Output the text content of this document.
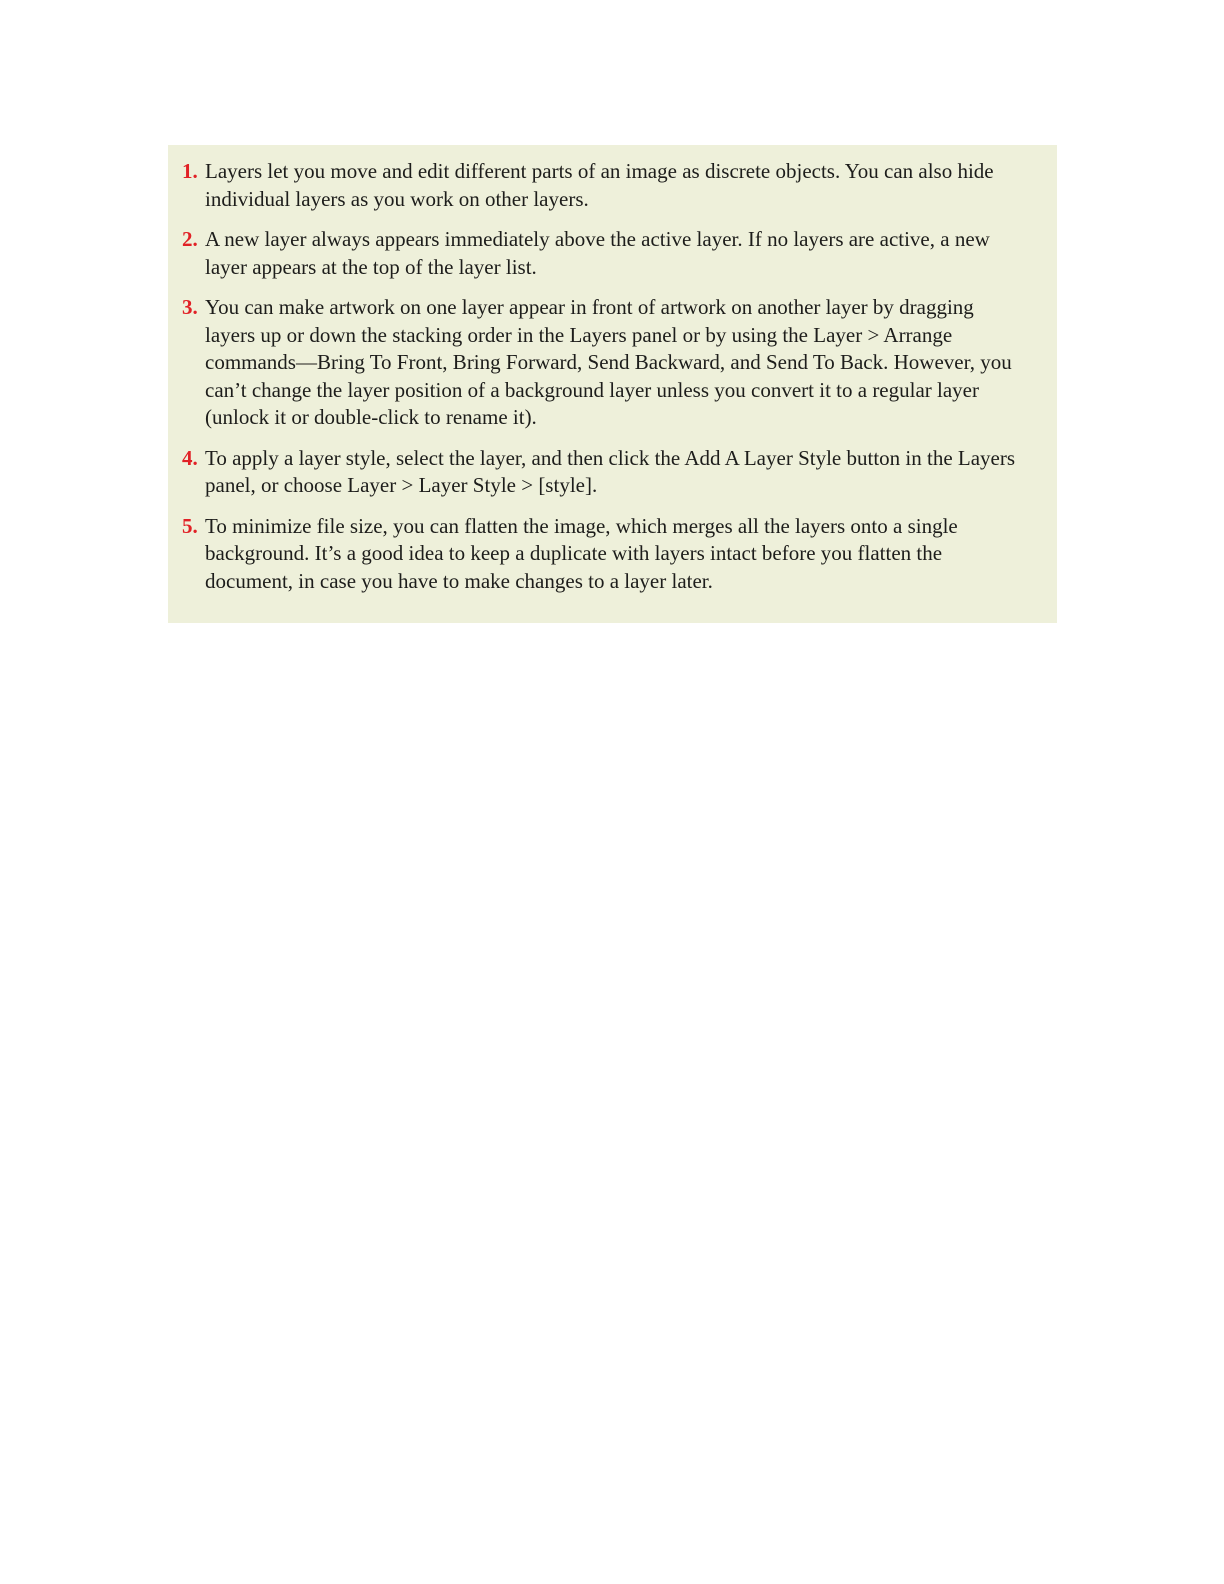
1. Layers let you move and edit different parts of an image as discrete objects. You can also hide individual layers as you work on other layers.
2. A new layer always appears immediately above the active layer. If no layers are active, a new layer appears at the top of the layer list.
3. You can make artwork on one layer appear in front of artwork on another layer by dragging layers up or down the stacking order in the Layers panel or by using the Layer > Arrange commands—Bring To Front, Bring Forward, Send Backward, and Send To Back. However, you can’t change the layer position of a background layer unless you convert it to a regular layer (unlock it or double-click to rename it).
4. To apply a layer style, select the layer, and then click the Add A Layer Style button in the Layers panel, or choose Layer > Layer Style > [style].
5. To minimize file size, you can flatten the image, which merges all the layers onto a single background. It’s a good idea to keep a duplicate with layers intact before you flatten the document, in case you have to make changes to a layer later.
